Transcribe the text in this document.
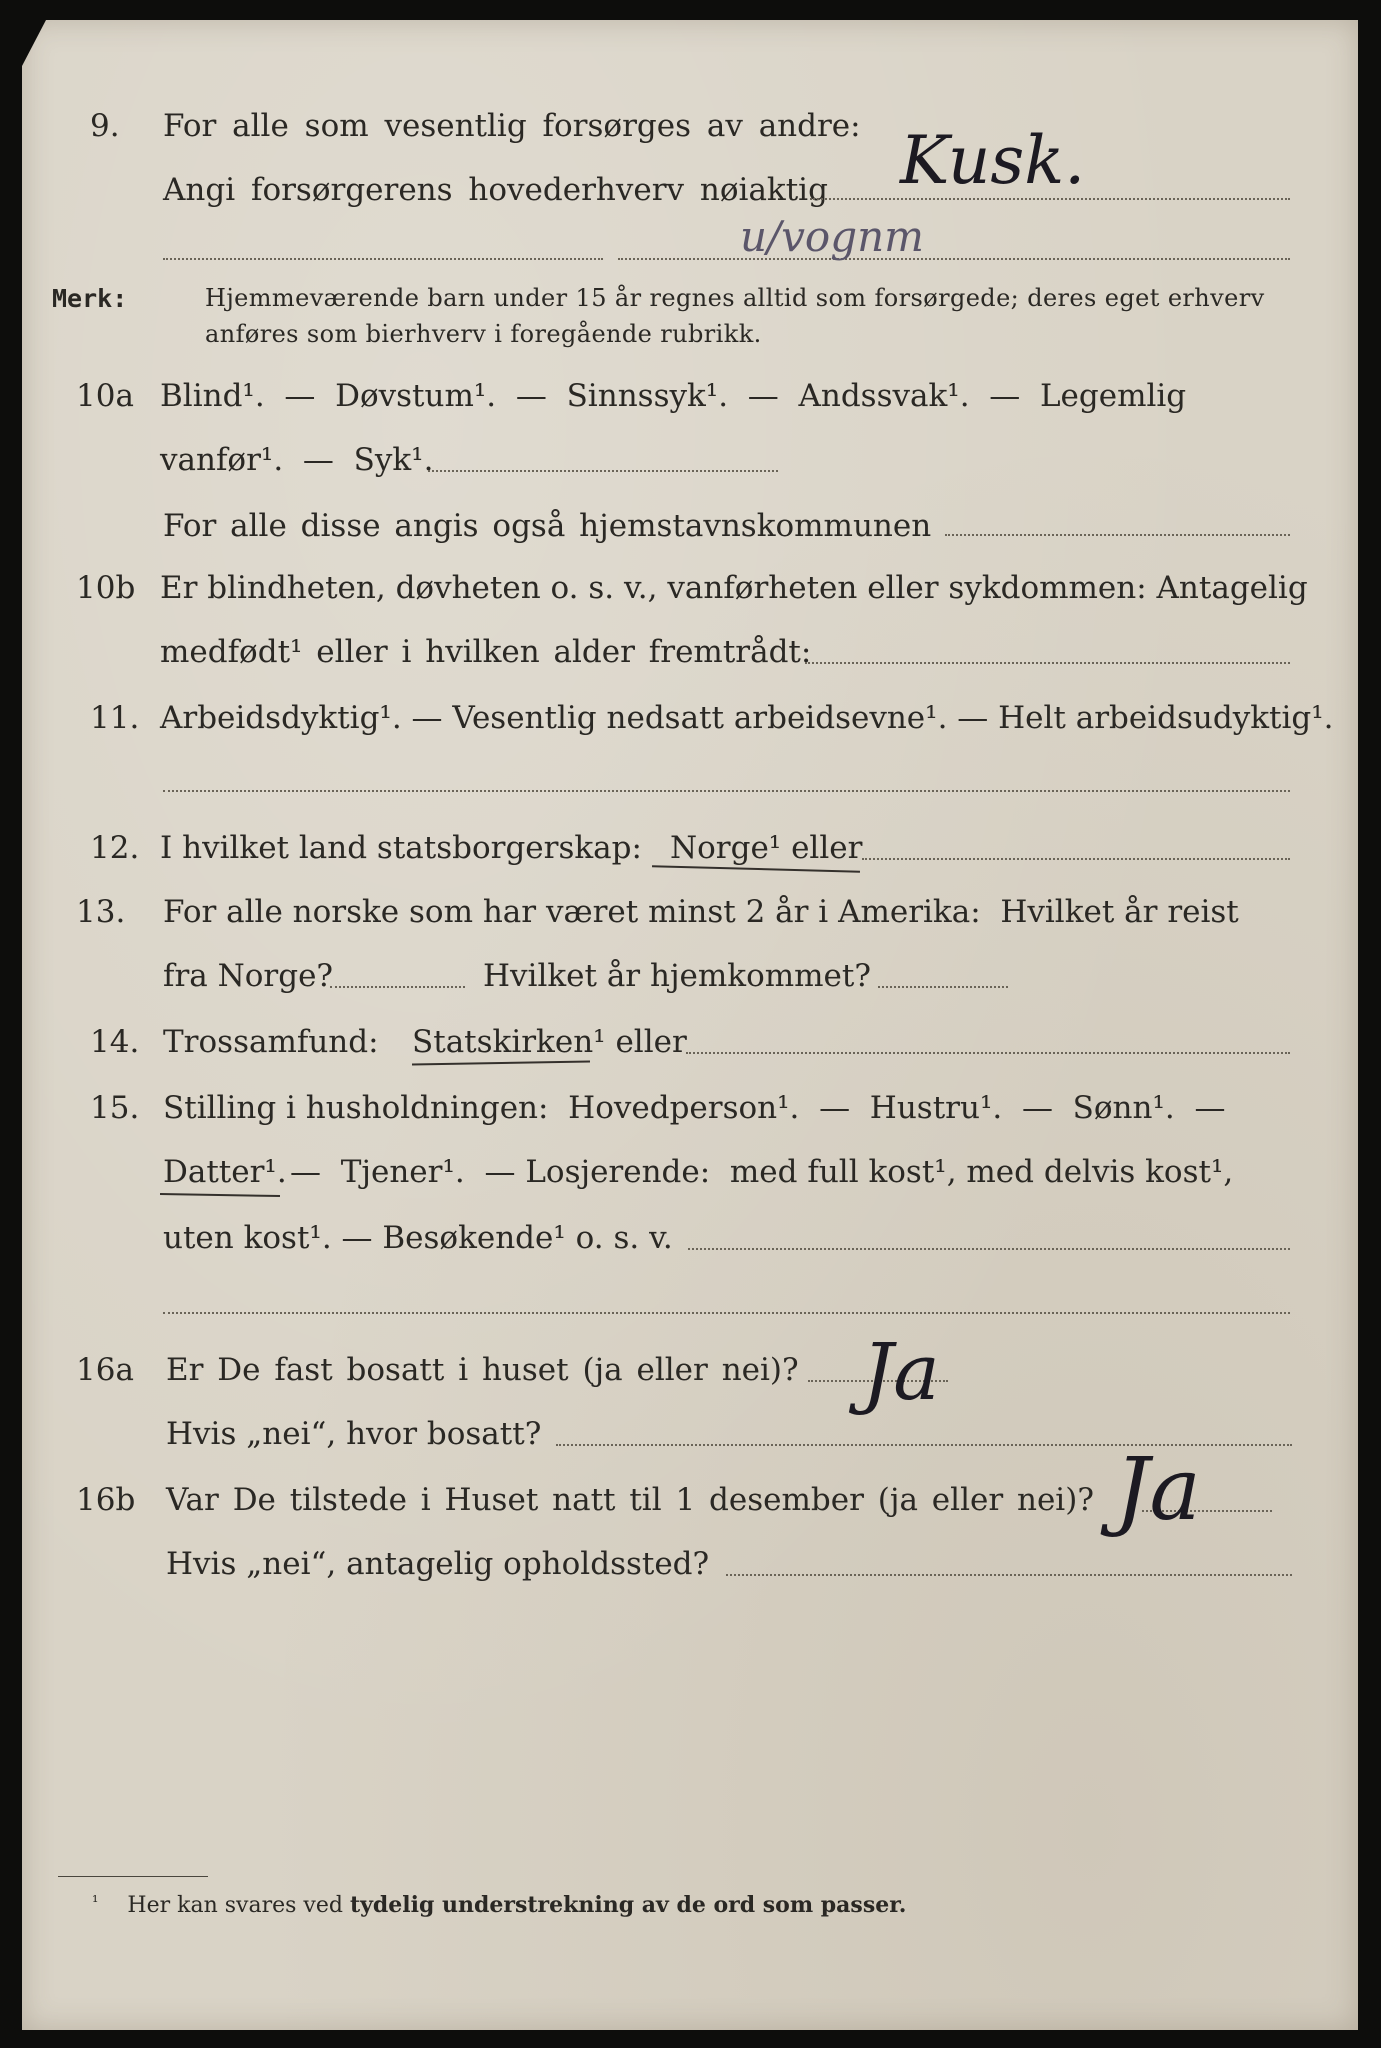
9. For alle som vesentlig forsørges av andre:
Angi forsørgerens hovederhverv nøiaktig Kusk.
u/vognm
Merk:	Hjemmeværende barn under 15 år regnes alltid som forsørgede; deres eget erhverv
anføres som bierhverv i foregående rubrikk.
10a Blind¹.  —  Døvstum¹.  —  Sinnssyk¹.  —  Andssvak¹.  —  Legemlig
vanfør¹.  —  Syk¹.
For alle disse angis også hjemstavnskommunen
10b Er blindheten, døvheten o. s. v., vanførheten eller sykdommen: Antagelig
medfødt¹ eller i hvilken alder fremtrådt:
11. Arbeidsdyktig¹. — Vesentlig nedsatt arbeidsevne¹. — Helt arbeidsudyktig¹.
12. I hvilket land statsborgerskap: Norge¹ eller
13. For alle norske som har været minst 2 år i Amerika:  Hvilket år reist
fra Norge?	Hvilket år hjemkommet?
14. Trossamfund: Statskirken¹ eller
15. Stilling i husholdningen:  Hovedperson¹.  —  Hustru¹.  —  Sønn¹.  —
Datter¹. —  Tjener¹.  — Losjerende:  med full kost¹, med delvis kost¹,
uten kost¹. — Besøkende¹ o. s. v.
16a Er De fast bosatt i huset (ja eller nei)? Ja
Hvis „nei“, hvor bosatt?
16b Var De tilstede i Huset natt til 1 desember (ja eller nei)? Ja
Hvis „nei“, antagelig opholdssted?
$^{^1}$ Her kan svares ved tydelig understrekning av de ord som passer.
